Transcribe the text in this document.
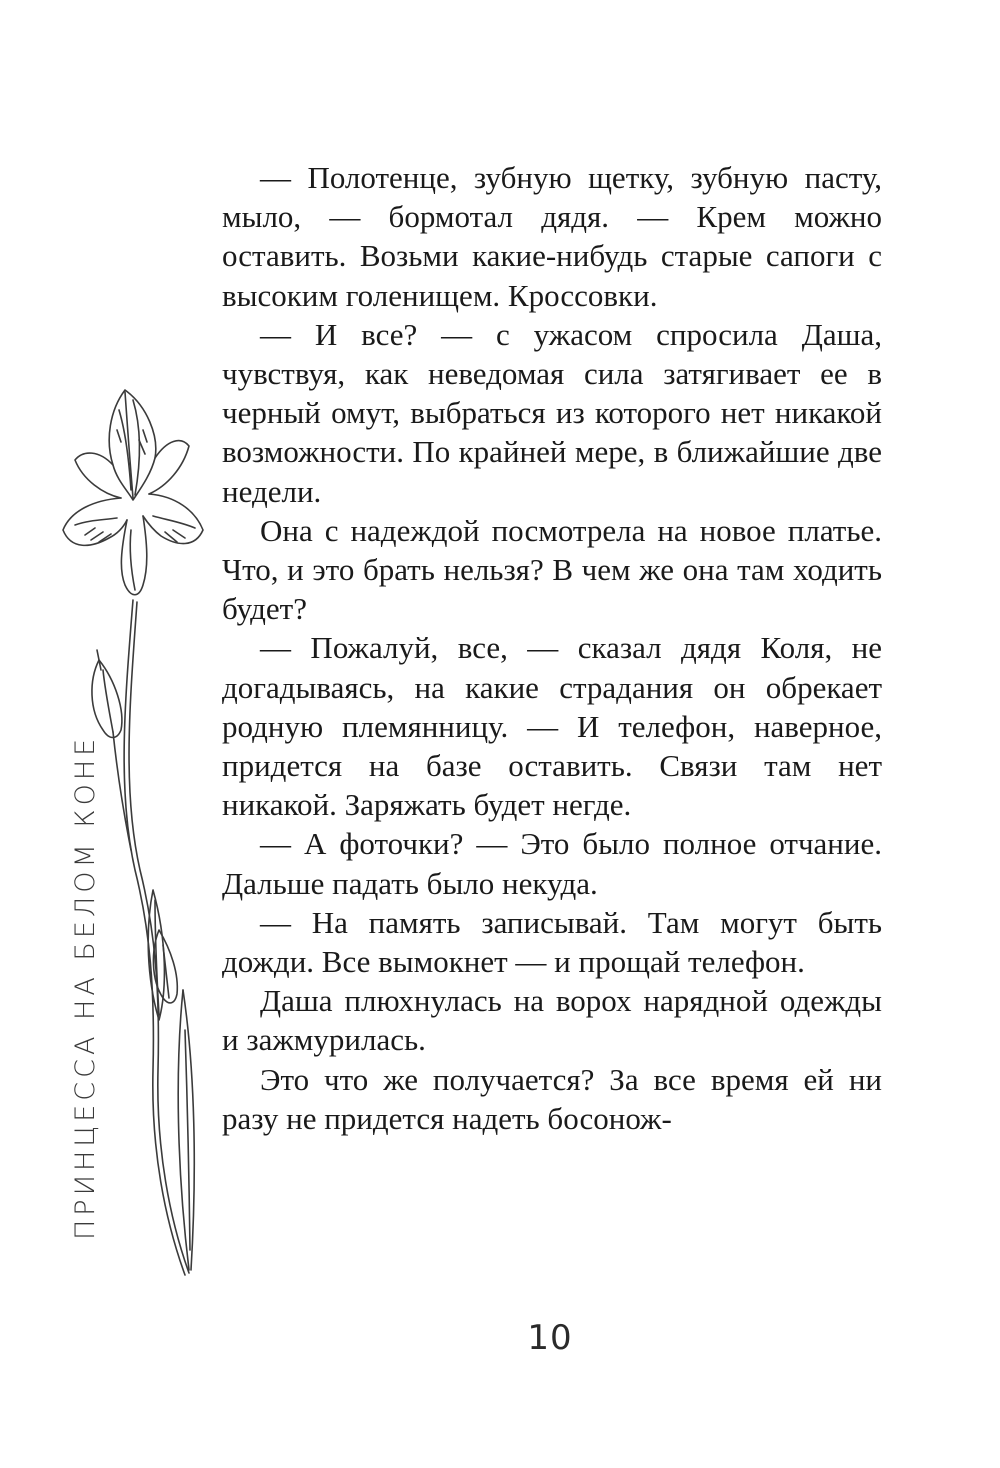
ПРИНЦЕССА НА БЕЛОМ КОНЕ

— Полотенце, зубную щетку, зубную пасту, мыло, — бормотал дядя. — Крем можно оставить. Возьми какие-нибудь старые сапоги с высоким голенищем. Кроссовки.

— И все? — с ужасом спросила Даша, чувствуя, как неведомая сила затягивает ее в черный омут, выбраться из которого нет никакой возможности. По крайней мере, в ближайшие две недели.

Она с надеждой посмотрела на новое платье. Что, и это брать нельзя? В чем же она там ходить будет?

— Пожалуй, все, — сказал дядя Коля, не догадываясь, на какие страдания он обрекает родную племянницу. — И телефон, наверное, придется на базе оставить. Связи там нет никакой. Заряжать будет негде.

— А фоточки? — Это было полное отчание. Дальше падать было некуда.

— На память записывай. Там могут быть дожди. Все вымокнет — и прощай телефон.

Даша плюхнулась на ворох нарядной одежды и зажмурилась.

Это что же получается? За все время ей ни разу не придется надеть босонож-

10
